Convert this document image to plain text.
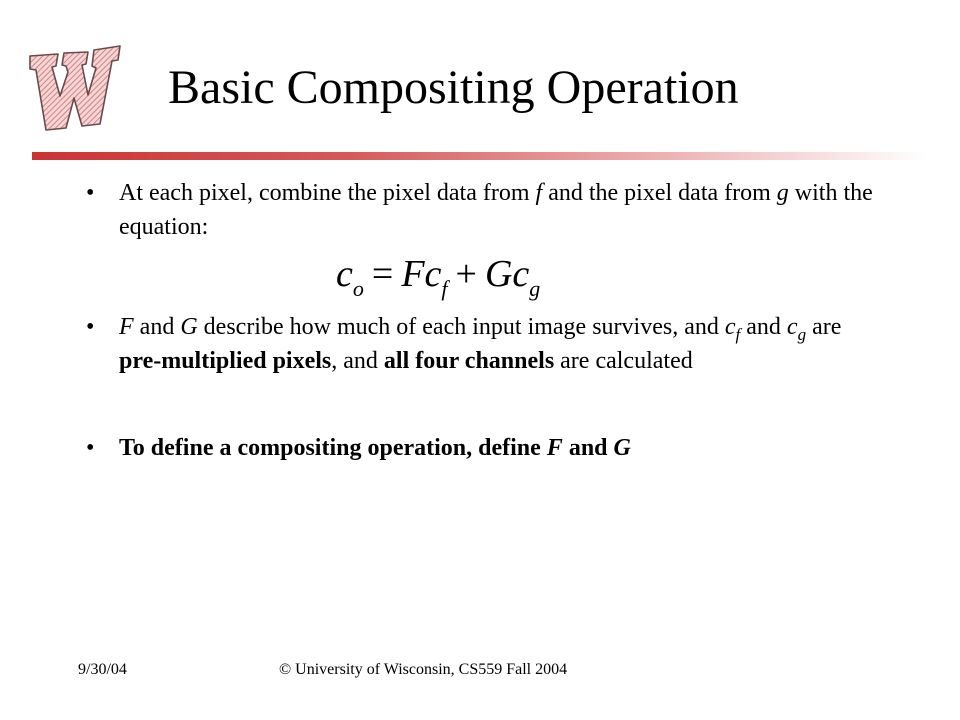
Basic Compositing Operation
• At each pixel, combine the pixel data from f and the pixel data from g with the equation:
$c_o = Fc_f + Gc_g$
• F and G describe how much of each input image survives, and $c_f$ and $c_g$ are pre-multiplied pixels, and all four channels are calculated
• To define a compositing operation, define F and G
9/30/04	© University of Wisconsin, CS559 Fall 2004
